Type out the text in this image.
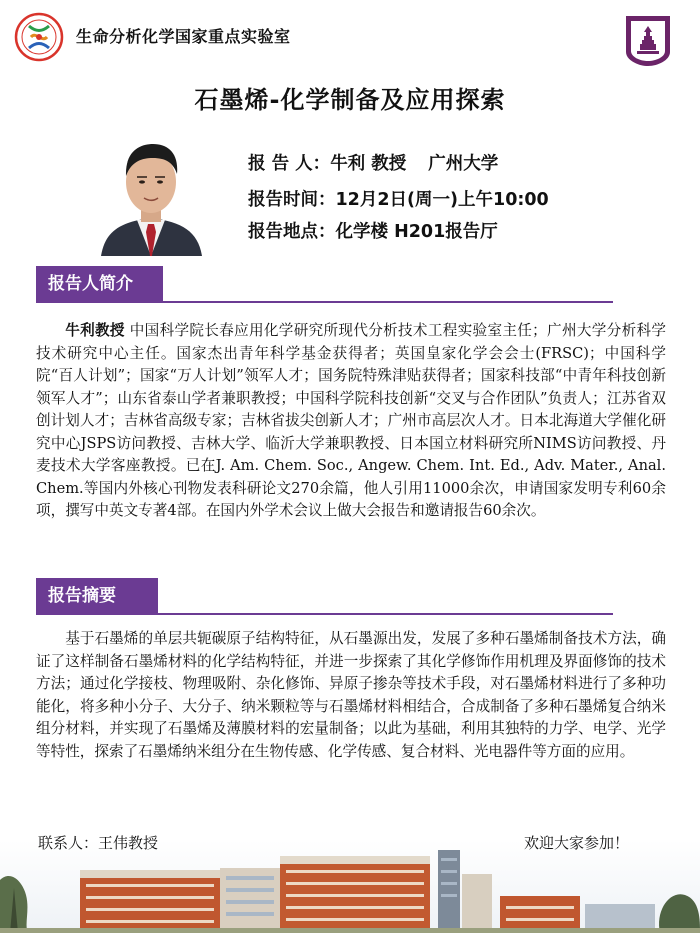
生命分析化学国家重点实验室
石墨烯-化学制备及应用探索
报 告 人：牛利 教授 广州大学
报告时间：12月2日(周一)上午10:00
报告地点：化学楼 H201报告厅
报告人简介
牛利教授 中国科学院长春应用化学研究所现代分析技术工程实验室主任；广州大学分析科学技术研究中心主任。国家杰出青年科学基金获得者；英国皇家化学会会士(FRSC)；中国科学院“百人计划”；国家“万人计划”领军人才；国务院特殊津贴获得者；国家科技部“中青年科技创新领军人才”；山东省泰山学者兼职教授；中国科学院科技创新“交叉与合作团队”负责人；江苏省双创计划人才；吉林省高级专家；吉林省拔尖创新人才；广州市高层次人才。日本北海道大学催化研究中心JSPS访问教授、吉林大学、临沂大学兼职教授、日本国立材料研究所NIMS访问教授、丹麦技术大学客座教授。已在J. Am. Chem. Soc., Angew. Chem. Int. Ed., Adv. Mater., Anal. Chem.等国内外核心刊物发表科研论文270余篇，他人引用11000余次，申请国家发明专利60余项，撰写中英文专著4部。在国内外学术会议上做大会报告和邀请报告60余次。
报告摘要
基于石墨烯的单层共轭碳原子结构特征，从石墨源出发，发展了多种石墨烯制备技术方法，确证了这样制备石墨烯材料的化学结构特征，并进一步探索了其化学修饰作用机理及界面修饰的技术方法；通过化学接枝、物理吸附、杂化修饰、异原子掺杂等技术手段，对石墨烯材料进行了多种功能化，将多种小分子、大分子、纳米颗粒等与石墨烯材料相结合，合成制备了多种石墨烯复合纳米组分材料，并实现了石墨烯及薄膜材料的宏量制备；以此为基础，利用其独特的力学、电学、光学等特性，探索了石墨烯纳米组分在生物传感、化学传感、复合材料、光电器件等方面的应用。
联系人：王伟教授	欢迎大家参加！
